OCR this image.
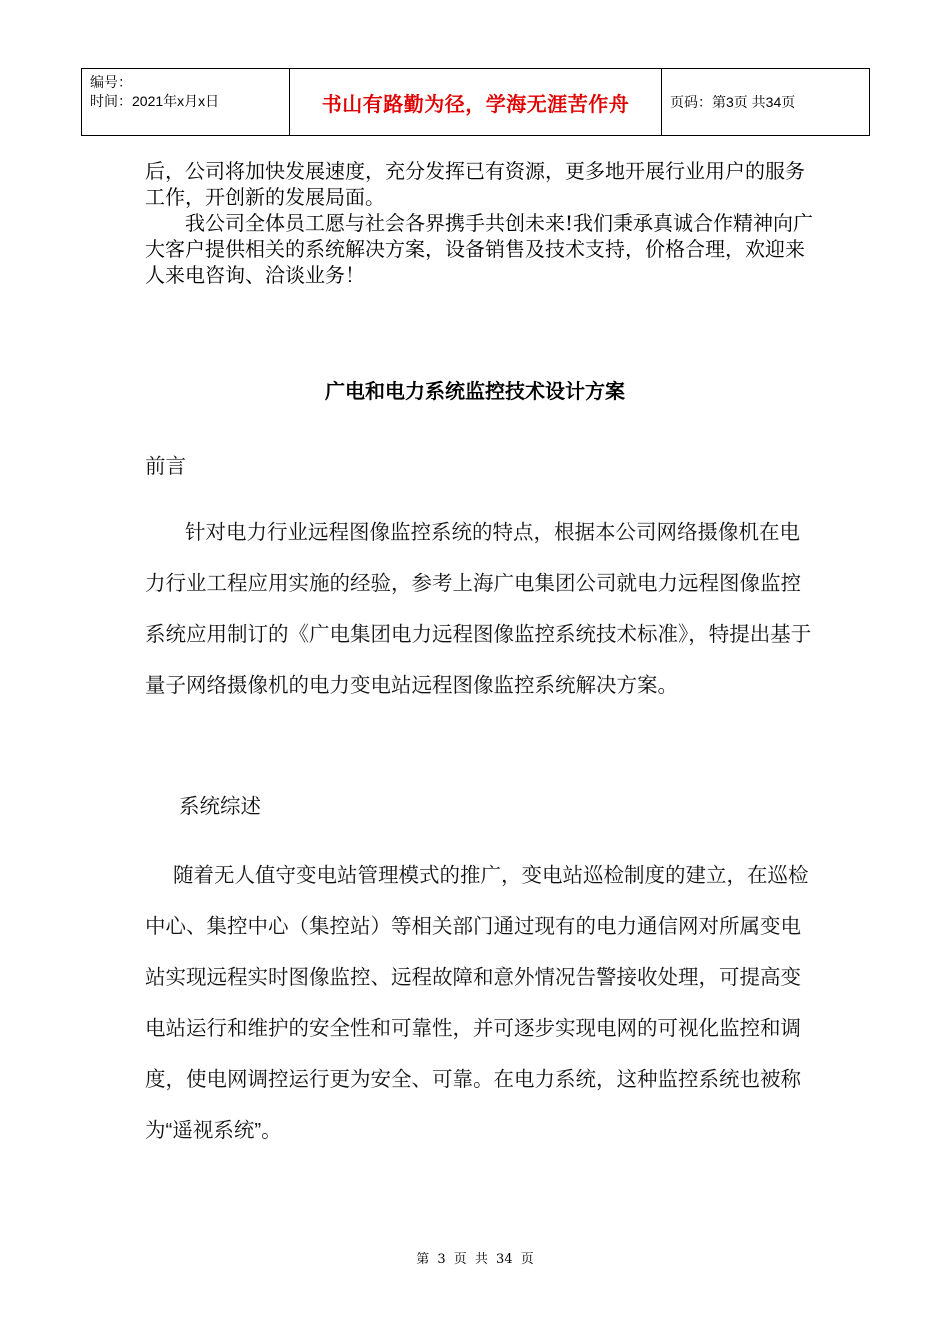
编号：
时间：2021年x月x日	书山有路勤为径，学海无涯苦作舟	页码：第3页 共34页

后，公司将加快发展速度，充分发挥已有资源，更多地开展行业用户的服务工作，开创新的发展局面。

我公司全体员工愿与社会各界携手共创未来!我们秉承真诚合作精神向广大客户提供相关的系统解决方案，设备销售及技术支持，价格合理，欢迎来人来电咨询、洽谈业务！

广电和电力系统监控技术设计方案
前言

针对电力行业远程图像监控系统的特点，根据本公司网络摄像机在电力行业工程应用实施的经验，参考上海广电集团公司就电力远程图像监控系统应用制订的《广电集团电力远程图像监控系统技术标准》，特提出基于量子网络摄像机的电力变电站远程图像监控系统解决方案。

系统综述

随着无人值守变电站管理模式的推广，变电站巡检制度的建立，在巡检中心、集控中心（集控站）等相关部门通过现有的电力通信网对所属变电站实现远程实时图像监控、远程故障和意外情况告警接收处理，可提高变电站运行和维护的安全性和可靠性，并可逐步实现电网的可视化监控和调度，使电网调控运行更为安全、可靠。在电力系统，这种监控系统也被称为“遥视系统”。

第 3 页 共 34 页
